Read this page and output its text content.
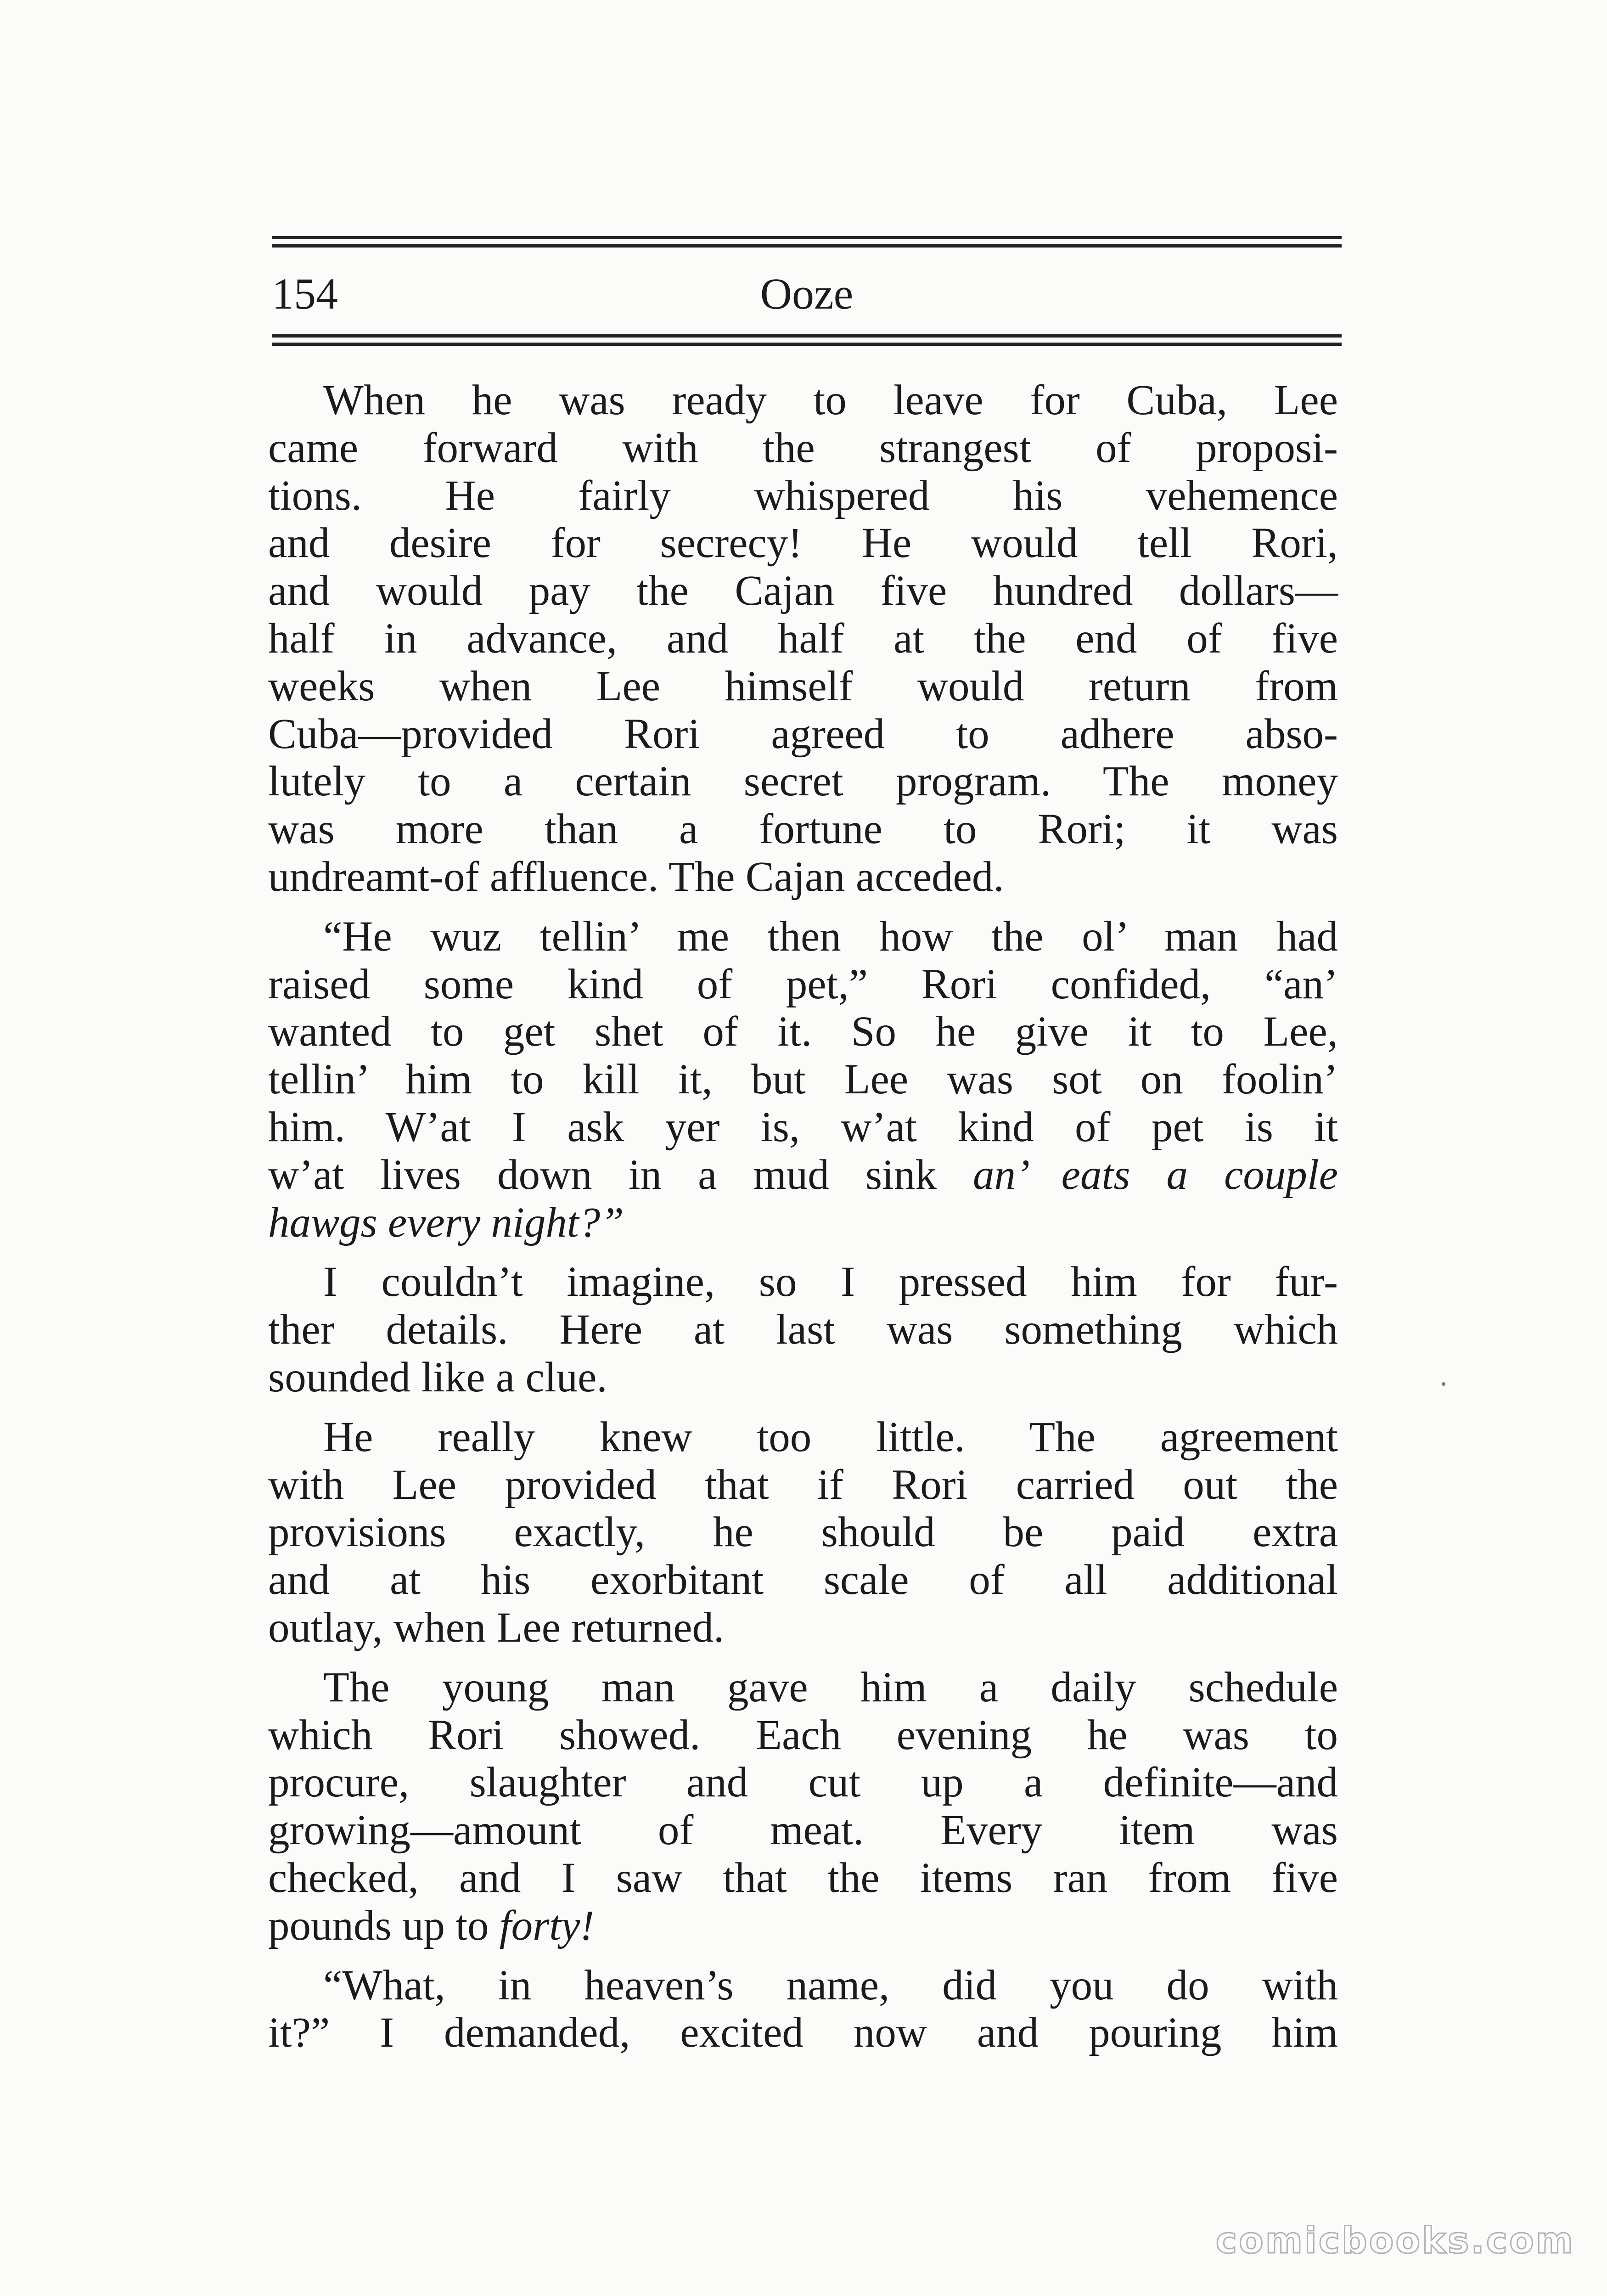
154	Ooze

When he was ready to leave for Cuba, Lee
came forward with the strangest of proposi-
tions. He fairly whispered his vehemence
and desire for secrecy! He would tell Rori,
and would pay the Cajan five hundred dollars—
half in advance, and half at the end of five
weeks when Lee himself would return from
Cuba—provided Rori agreed to adhere abso-
lutely to a certain secret program. The money
was more than a fortune to Rori; it was
undreamt-of affluence. The Cajan acceded.

“He wuz tellin’ me then how the ol’ man had
raised some kind of pet,” Rori confided, “an’
wanted to get shet of it. So he give it to Lee,
tellin’ him to kill it, but Lee was sot on foolin’
him. W’at I ask yer is, w’at kind of pet is it
w’at lives down in a mud sink an’ eats a couple
hawgs every night?”

I couldn’t imagine, so I pressed him for fur-
ther details. Here at last was something which
sounded like a clue.

He really knew too little. The agreement
with Lee provided that if Rori carried out the
provisions exactly, he should be paid extra
and at his exorbitant scale of all additional
outlay, when Lee returned.

The young man gave him a daily schedule
which Rori showed. Each evening he was to
procure, slaughter and cut up a definite—and
growing—amount of meat. Every item was
checked, and I saw that the items ran from five
pounds up to forty!

“What, in heaven’s name, did you do with
it?” I demanded, excited now and pouring him

comicbooks.com
